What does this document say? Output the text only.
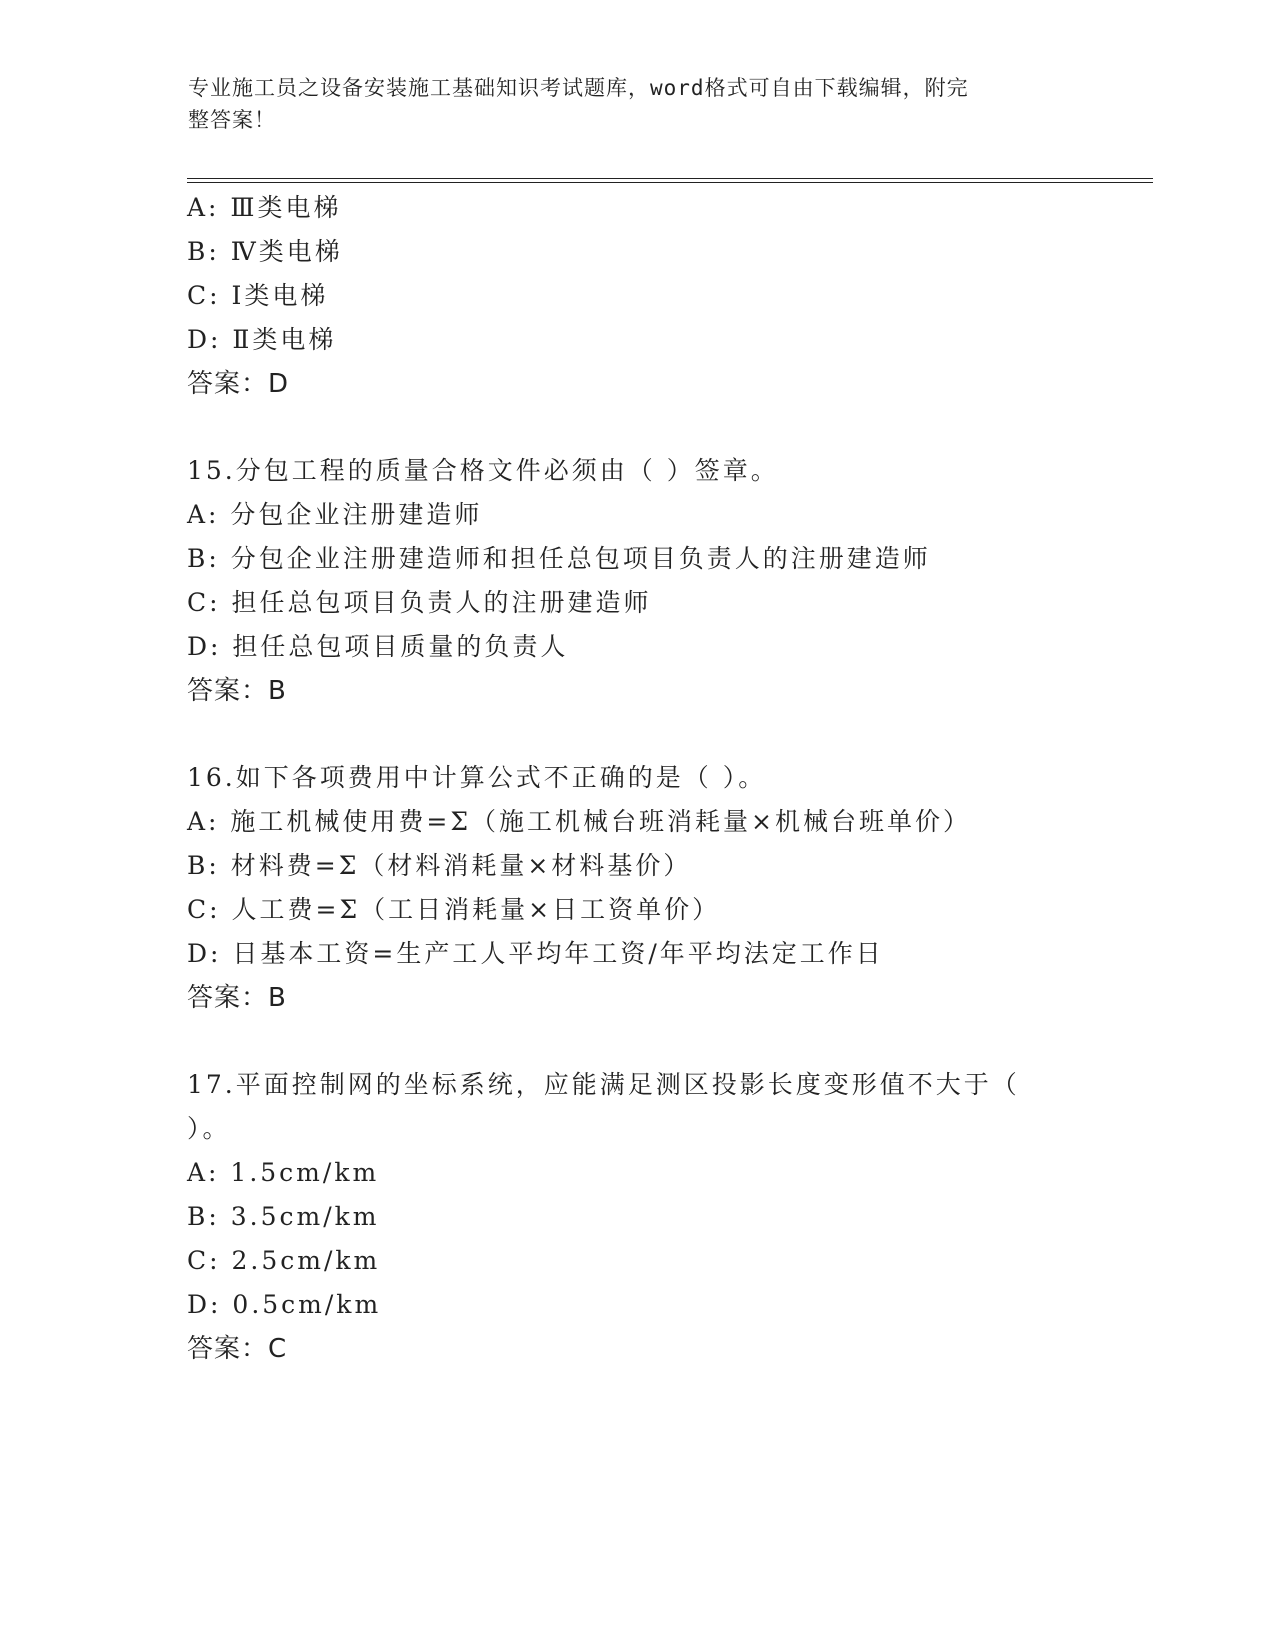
专业施工员之设备安装施工基础知识考试题库，word格式可自由下载编辑，附完
整答案！
A: Ⅲ类电梯
B: Ⅳ类电梯
C: Ⅰ类电梯
D: Ⅱ类电梯
答案：D
15.分包工程的质量合格文件必须由（ ）签章。
A: 分包企业注册建造师
B: 分包企业注册建造师和担任总包项目负责人的注册建造师
C: 担任总包项目负责人的注册建造师
D: 担任总包项目质量的负责人
答案：B
16.如下各项费用中计算公式不正确的是（ ）。
A: 施工机械使用费=Σ（施工机械台班消耗量×机械台班单价）
B: 材料费=Σ（材料消耗量×材料基价）
C: 人工费=Σ（工日消耗量×日工资单价）
D: 日基本工资=生产工人平均年工资/年平均法定工作日
答案：B
17.平面控制网的坐标系统，应能满足测区投影长度变形值不大于（
）。
A: 1.5cm/km
B: 3.5cm/km
C: 2.5cm/km
D: 0.5cm/km
答案：C
